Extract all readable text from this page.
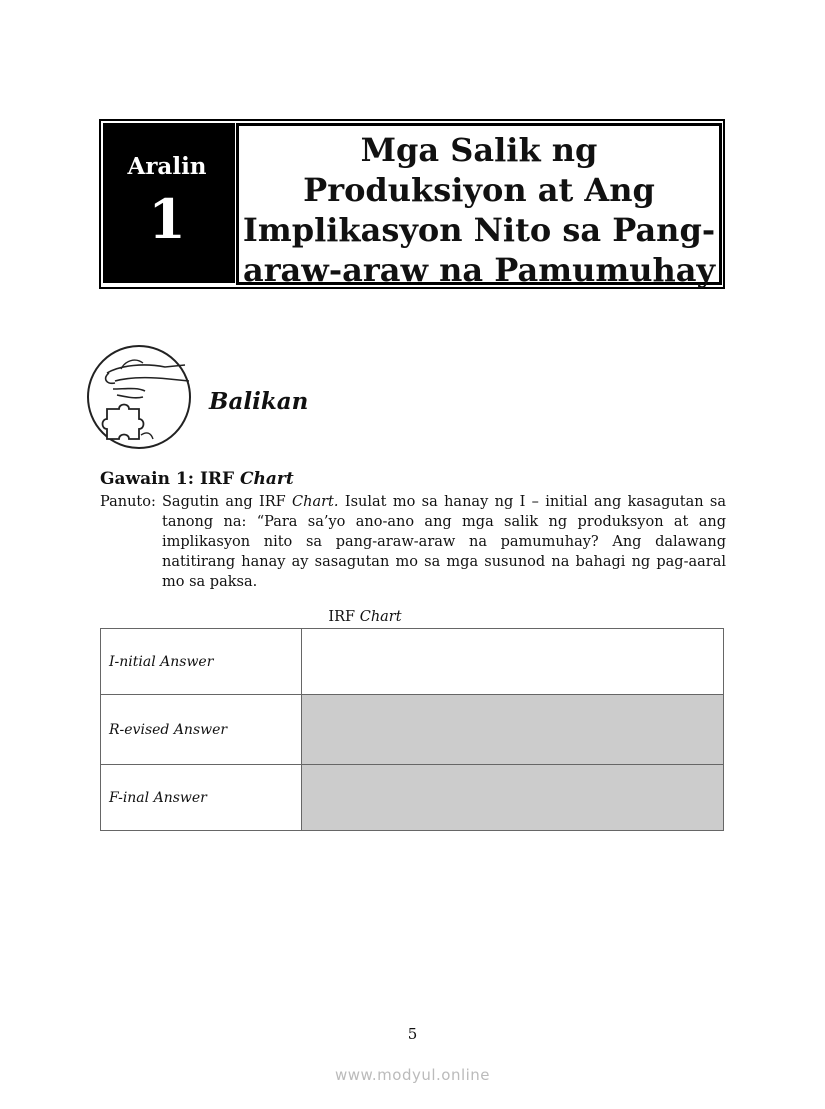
Aralin
1
Mga Salik ng
Produksiyon at Ang
Implikasyon Nito sa Pang-
araw-araw na Pamumuhay
Balikan
Gawain 1: IRF Chart
Panuto: Sagutin ang IRF Chart. Isulat mo sa hanay ng I – initial ang kasagutan sa tanong na: “Para sa’yo ano-ano ang mga salik ng produksyon at ang implikasyon nito sa pang-araw-araw na pamumuhay? Ang dalawang natitirang hanay ay sasagutan mo sa mga susunod na bahagi ng pag-aaral mo sa paksa.
IRF Chart
I-nitial Answer	
R-evised Answer	
F-inal Answer	
5
www.modyul.online
